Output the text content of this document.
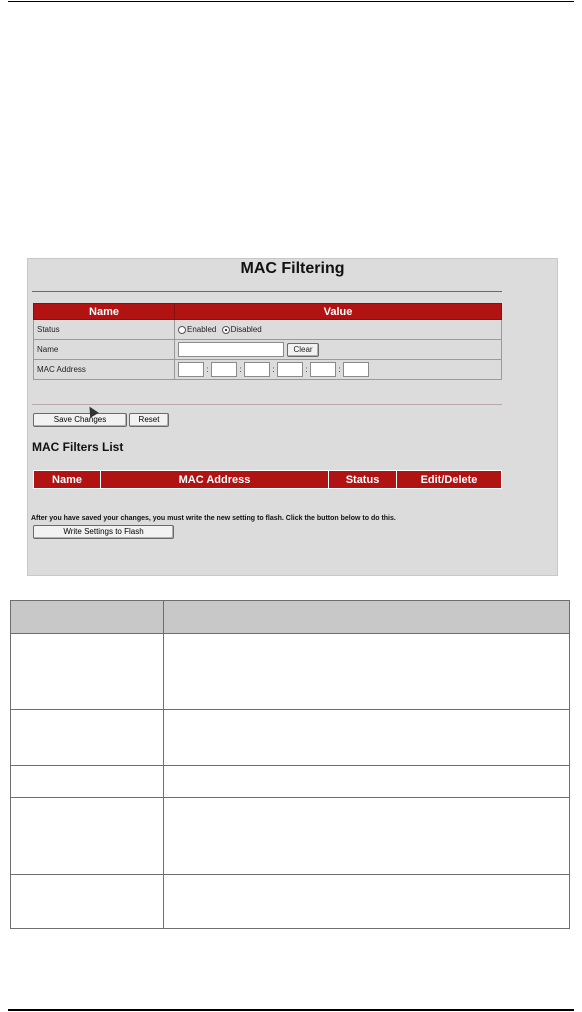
MAC Filtering
Name	Value
Status	Enabled Disabled
Name	Clear
MAC Address	: : : : :
Save Changes	Reset
MAC Filters List
Name	MAC Address	Status	Edit/Delete
After you have saved your changes, you must write the new setting to flash. Click the button below to do this.
Write Settings to Flash
